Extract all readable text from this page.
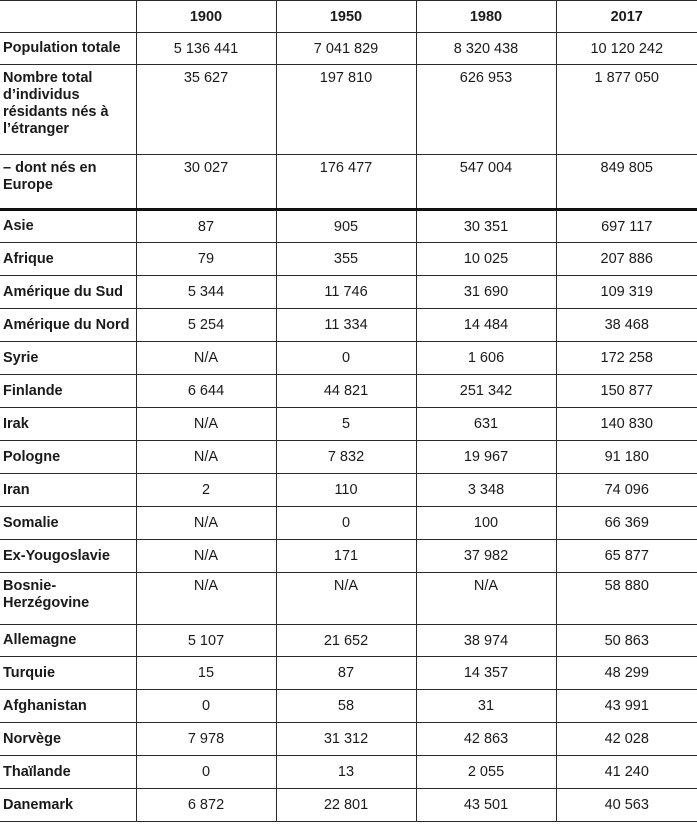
	1900	1950	1980	2017
Population totale	5 136 441	7 041 829	8 320 438	10 120 242
Nombre total d’individus résidants nés à l’étranger	35 627	197 810	626 953	1 877 050
– dont nés en Europe	30 027	176 477	547 004	849 805
Asie	87	905	30 351	697 117
Afrique	79	355	10 025	207 886
Amérique du Sud	5 344	11 746	31 690	109 319
Amérique du Nord	5 254	11 334	14 484	38 468
Syrie	N/A	0	1 606	172 258
Finlande	6 644	44 821	251 342	150 877
Irak	N/A	5	631	140 830
Pologne	N/A	7 832	19 967	91 180
Iran	2	110	3 348	74 096
Somalie	N/A	0	100	66 369
Ex-Yougoslavie	N/A	171	37 982	65 877
Bosnie-Herzégovine	N/A	N/A	N/A	58 880
Allemagne	5 107	21 652	38 974	50 863
Turquie	15	87	14 357	48 299
Afghanistan	0	58	31	43 991
Norvège	7 978	31 312	42 863	42 028
Thaïlande	0	13	2 055	41 240
Danemark	6 872	22 801	43 501	40 563
